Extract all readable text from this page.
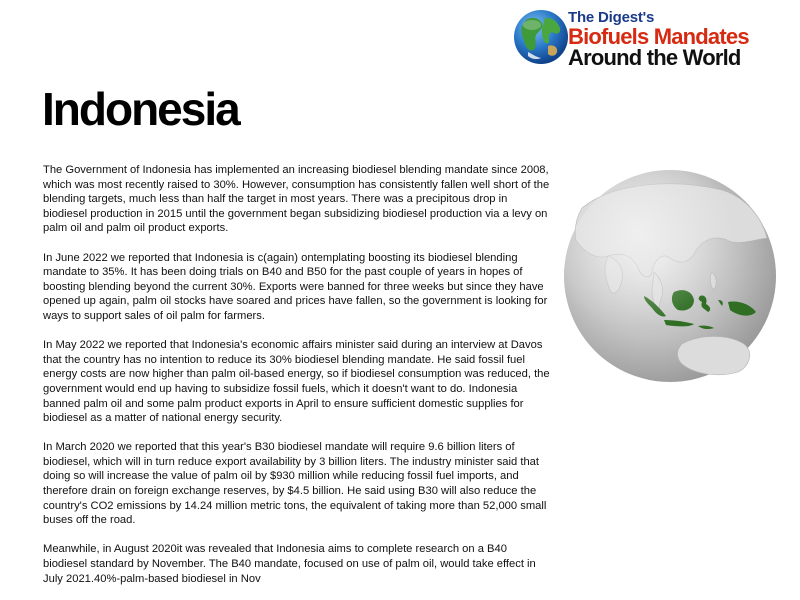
The Digest's
Biofuels Mandates
Around the World
Indonesia

The Government of Indonesia has implemented an increasing biodiesel blending mandate since 2008, which was most recently raised to 30%. However, consumption has consistently fallen well short of the blending targets, much less than half the target in most years. There was a precipitous drop in biodiesel production in 2015 until the government began subsidizing biodiesel production via a levy on palm oil and palm oil product exports.

In June 2022 we reported that Indonesia is c(again) ontemplating boosting its biodiesel blending mandate to 35%. It has been doing trials on B40 and B50 for the past couple of years in hopes of boosting blending beyond the current 30%. Exports were banned for three weeks but since they have opened up again, palm oil stocks have soared and prices have fallen, so the government is looking for ways to support sales of oil palm for farmers.

In May 2022 we reported that Indonesia's economic affairs minister said during an interview at Davos that the country has no intention to reduce its 30% biodiesel blending mandate. He said fossil fuel energy costs are now higher than palm oil-based energy, so if biodiesel consumption was reduced, the government would end up having to subsidize fossil fuels, which it doesn't want to do. Indonesia banned palm oil and some palm product exports in April to ensure sufficient domestic supplies for biodiesel as a matter of national energy security.

In March 2020 we reported that this year's B30 biodiesel mandate will require 9.6 billion liters of biodiesel, which will in turn reduce export availability by 3 billion liters. The industry minister said that doing so will increase the value of palm oil by $930 million while reducing fossil fuel imports, and therefore drain on foreign exchange reserves, by $4.5 billion. He said using B30 will also reduce the country's CO2 emissions by 14.24 million metric tons, the equivalent of taking more than 52,000 small buses off the road.

Meanwhile, in August 2020it was revealed that Indonesia aims to complete research on a B40 biodiesel standard by November. The B40 mandate, focused on use of palm oil, would take effect in July 2021.40%-palm-based biodiesel in Nov
